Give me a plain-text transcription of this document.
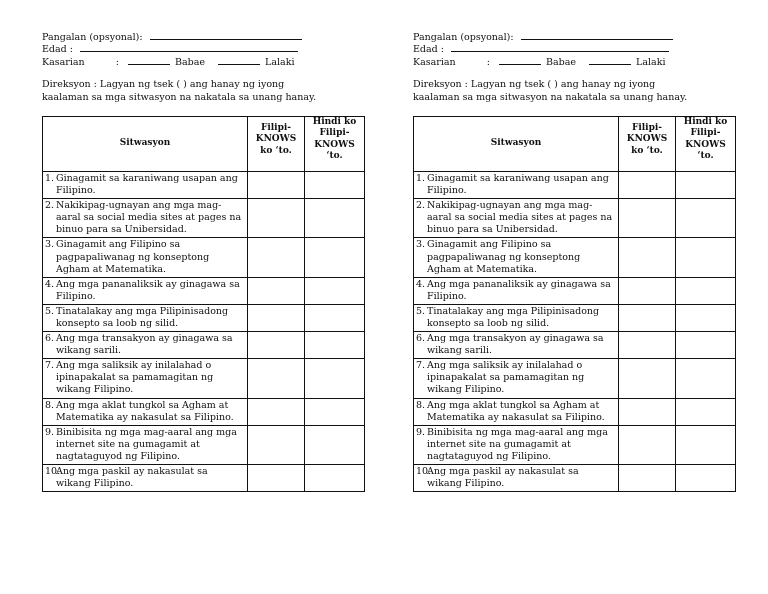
Pangalan (opsyonal):
Edad :
Kasarian	:	Babae	Lalaki
Direksyon : Lagyan ng tsek ( ) ang hanay ng iyong
kaalaman sa mga sitwasyon na nakatala sa unang hanay.
Sitwasyon	Filipi-KNOWS ko ‘to.	Hindi ko Filipi-KNOWS ‘to.
1. Ginagamit sa karaniwang usapan ang Filipino.		
2. Nakikipag-ugnayan ang mga mag-aaral sa social media sites at pages na binuo para sa Unibersidad.		
3. Ginagamit ang Filipino sa pagpapaliwanag ng konseptong Agham at Matematika.		
4. Ang mga pananaliksik ay ginagawa sa Filipino.		
5. Tinatalakay ang mga Pilipinisadong konsepto sa loob ng silid.		
6. Ang mga transakyon ay ginagawa sa wikang sarili.		
7. Ang mga saliksik ay inilalahad o ipinapakalat sa pamamagitan ng wikang Filipino.		
8. Ang mga aklat tungkol sa Agham at Matematika ay nakasulat sa Filipino.		
9. Binibisita ng mga mag-aaral ang mga internet site na gumagamit at nagtataguyod ng Filipino.		
10.Ang mga paskil ay nakasulat sa wikang Filipino.		
Pangalan (opsyonal):
Edad :
Kasarian	:	Babae	Lalaki
Direksyon : Lagyan ng tsek ( ) ang hanay ng iyong
kaalaman sa mga sitwasyon na nakatala sa unang hanay.
Sitwasyon	Filipi-KNOWS ko ‘to.	Hindi ko Filipi-KNOWS ‘to.
1. Ginagamit sa karaniwang usapan ang Filipino.		
2. Nakikipag-ugnayan ang mga mag-aaral sa social media sites at pages na binuo para sa Unibersidad.		
3. Ginagamit ang Filipino sa pagpapaliwanag ng konseptong Agham at Matematika.		
4. Ang mga pananaliksik ay ginagawa sa Filipino.		
5. Tinatalakay ang mga Pilipinisadong konsepto sa loob ng silid.		
6. Ang mga transakyon ay ginagawa sa wikang sarili.		
7. Ang mga saliksik ay inilalahad o ipinapakalat sa pamamagitan ng wikang Filipino.		
8. Ang mga aklat tungkol sa Agham at Matematika ay nakasulat sa Filipino.		
9. Binibisita ng mga mag-aaral ang mga internet site na gumagamit at nagtataguyod ng Filipino.		
10.Ang mga paskil ay nakasulat sa wikang Filipino.		
